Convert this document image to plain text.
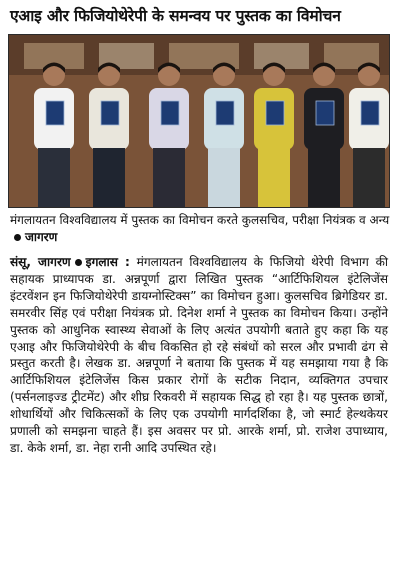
एआइ और फिजियोथेरेपी के समन्वय पर पुस्तक का विमोचन
मंगलायतन विश्वविद्यालय में पुस्तक का विमोचन करते कुलसचिव, परीक्षा नियंत्रक व अन्य जागरण
संसू, जागरण इगलास : मंगलायतन विश्वविद्यालय के फिजियो थेरेपी विभाग की सहायक प्राध्यापक डा. अन्नपूर्णा द्वारा लिखित पुस्तक “आर्टिफिशियल इंटेलिजेंस इंटरवेंशन इन फिजियोथेरेपी डायग्नोस्टिक्स” का विमोचन हुआ। कुलसचिव ब्रिगेडियर डा. समरवीर सिंह एवं परीक्षा नियंत्रक प्रो. दिनेश शर्मा ने पुस्तक का विमोचन किया। उन्होंने पुस्तक को आधुनिक स्वास्थ्य सेवाओं के लिए अत्यंत उपयोगी बताते हुए कहा कि यह एआइ और फिजियोथेरेपी के बीच विकसित हो रहे संबंधों को सरल और प्रभावी ढंग से प्रस्तुत करती है। लेखक डा. अन्नपूर्णा ने बताया कि पुस्तक में यह समझाया गया है कि आर्टिफिशियल इंटेलिजेंस किस प्रकार रोगों के सटीक निदान, व्यक्तिगत उपचार (पर्सनलाइज्ड ट्रीटमेंट) और शीघ्र रिकवरी में सहायक सिद्ध हो रहा है। यह पुस्तक छात्रों, शोधार्थियों और चिकित्सकों के लिए एक उपयोगी मार्गदर्शिका है, जो स्मार्ट हेल्थकेयर प्रणाली को समझना चाहते हैं। इस अवसर पर प्रो. आरके शर्मा, प्रो. राजेश उपाध्याय, डा. केके शर्मा, डा. नेहा रानी आदि उपस्थित रहे।
